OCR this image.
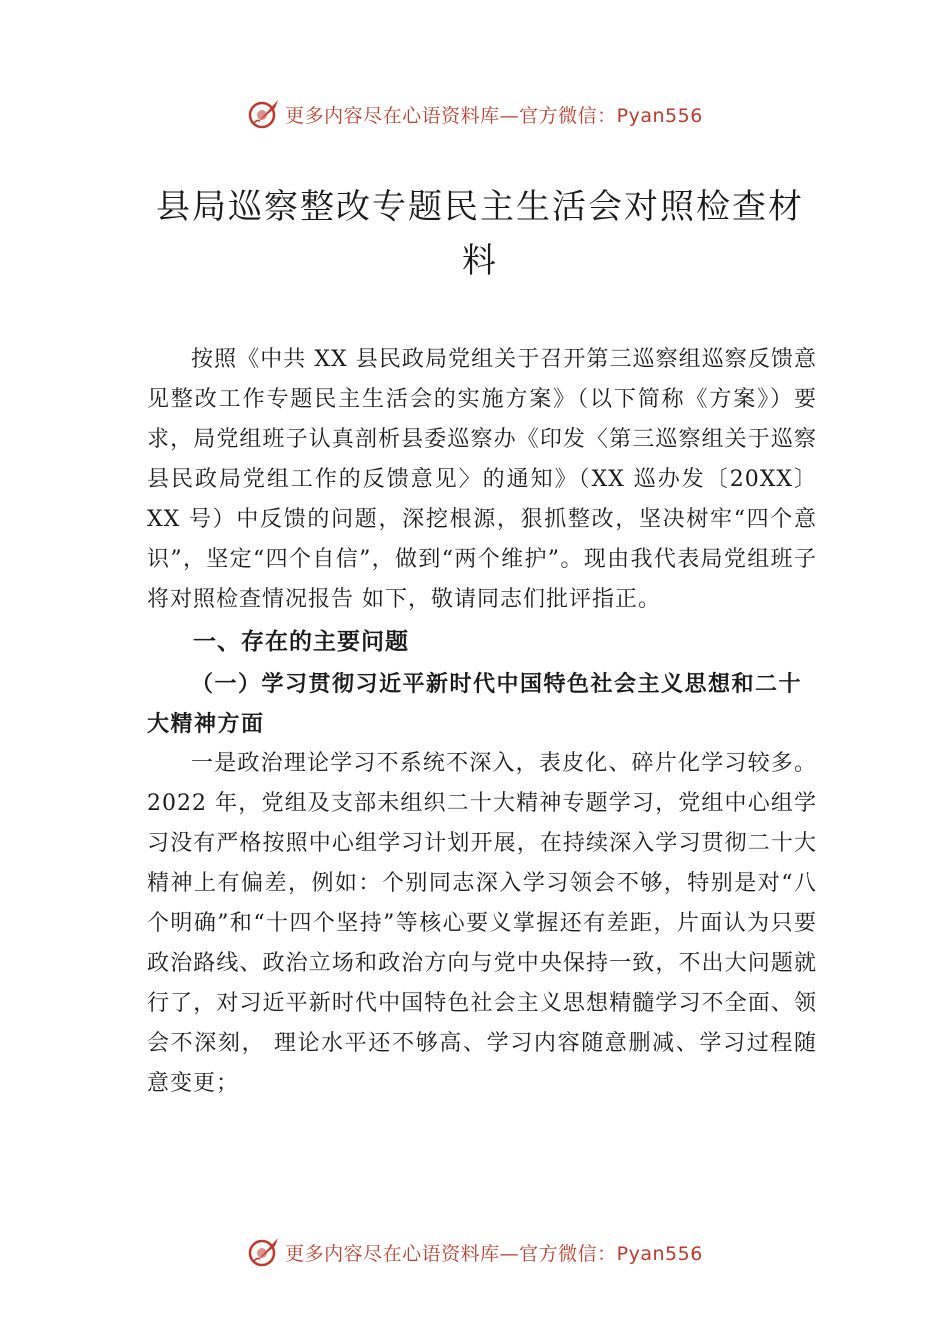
更多内容尽在心语资料库—官方微信：Pyan556
县局巡察整改专题民主生活会对照检查材料

按照《中共 XX 县民政局党组关于召开第三巡察组巡察反馈意见整改工作专题民主生活会的实施方案》（以下简称《方案》）要求，局党组班子认真剖析县委巡察办《印发〈第三巡察组关于巡察县民政局党组工作的反馈意见〉的通知》（XX 巡办发〔20XX〕XX 号）中反馈的问题，深挖根源，狠抓整改，坚决树牢“四个意识”，坚定“四个自信”，做到“两个维护”。现由我代表局党组班子将对照检查情况报告 如下，敬请同志们批评指正。

一、存在的主要问题
（一）学习贯彻习近平新时代中国特色社会主义思想和二十大精神方面

一是政治理论学习不系统不深入，表皮化、碎片化学习较多。2022 年，党组及支部未组织二十大精神专题学习，党组中心组学习没有严格按照中心组学习计划开展，在持续深入学习贯彻二十大精神上有偏差，例如：个别同志深入学习领会不够，特别是对“八个明确”和“十四个坚持”等核心要义掌握还有差距，片面认为只要政治路线、政治立场和政治方向与党中央保持一致，不出大问题就行了，对习近平新时代中国特色社会主义思想精髓学习不全面、领会不深刻， 理论水平还不够高、学习内容随意删减、学习过程随意变更；

更多内容尽在心语资料库—官方微信：Pyan556
